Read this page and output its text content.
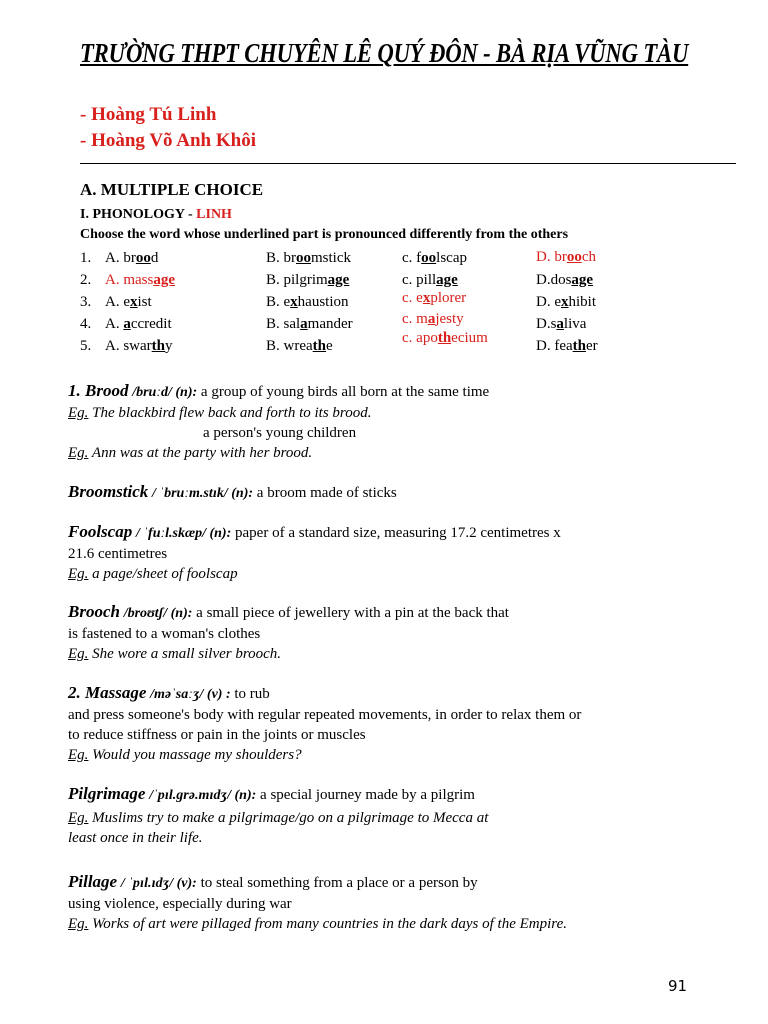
TRƯỜNG THPT CHUYÊN LÊ QUÝ ĐÔN - BÀ RỊA VŨNG TÀU
- Hoàng Tú Linh
- Hoàng Võ Anh Khôi
A. MULTIPLE CHOICE
I. PHONOLOGY - LINH
Choose the word whose underlined part is pronounced differently from the others
1. A. brood	B. broomstick	c. foolscap	D. brooch
2. A. massage	B. pilgrimage	c. pillage	D.dosage
3. A. exist	B. exhaustion	c. explorer	D. exhibit
4. A. accredit	B. salamander	c. majesty	D.saliva
5. A. swarthy	B. wreathe	c. apothecium	D. feather
1. Brood /bruːd/ (n): a group of young birds all born at the same time
Eg. The blackbird flew back and forth to its brood.
a person's young children
Eg. Ann was at the party with her brood.
Broomstick / ˈbruːm.stɪk/ (n): a broom made of sticks
Foolscap / ˈfuːl.skæp/ (n): paper of a standard size, measuring 17.2 centimetres x
21.6 centimetres
Eg. a page/sheet of foolscap
Brooch /broʊtʃ/ (n): a small piece of jewellery with a pin at the back that
is fastened to a woman's clothes
Eg. She wore a small silver brooch.
2. Massage /məˈsɑːʒ/ (v) : to rub
and press someone's body with regular repeated movements, in order to relax them or
to reduce stiffness or pain in the joints or muscles
Eg. Would you massage my shoulders?
Pilgrimage /ˈpɪl.ɡrə.mɪdʒ/ (n): a special journey made by a pilgrim
Eg. Muslims try to make a pilgrimage/go on a pilgrimage to Mecca at
least once in their life.
Pillage / ˈpɪl.ɪdʒ/ (v): to steal something from a place or a person by
using violence, especially during war
Eg. Works of art were pillaged from many countries in the dark days of the Empire.
91
